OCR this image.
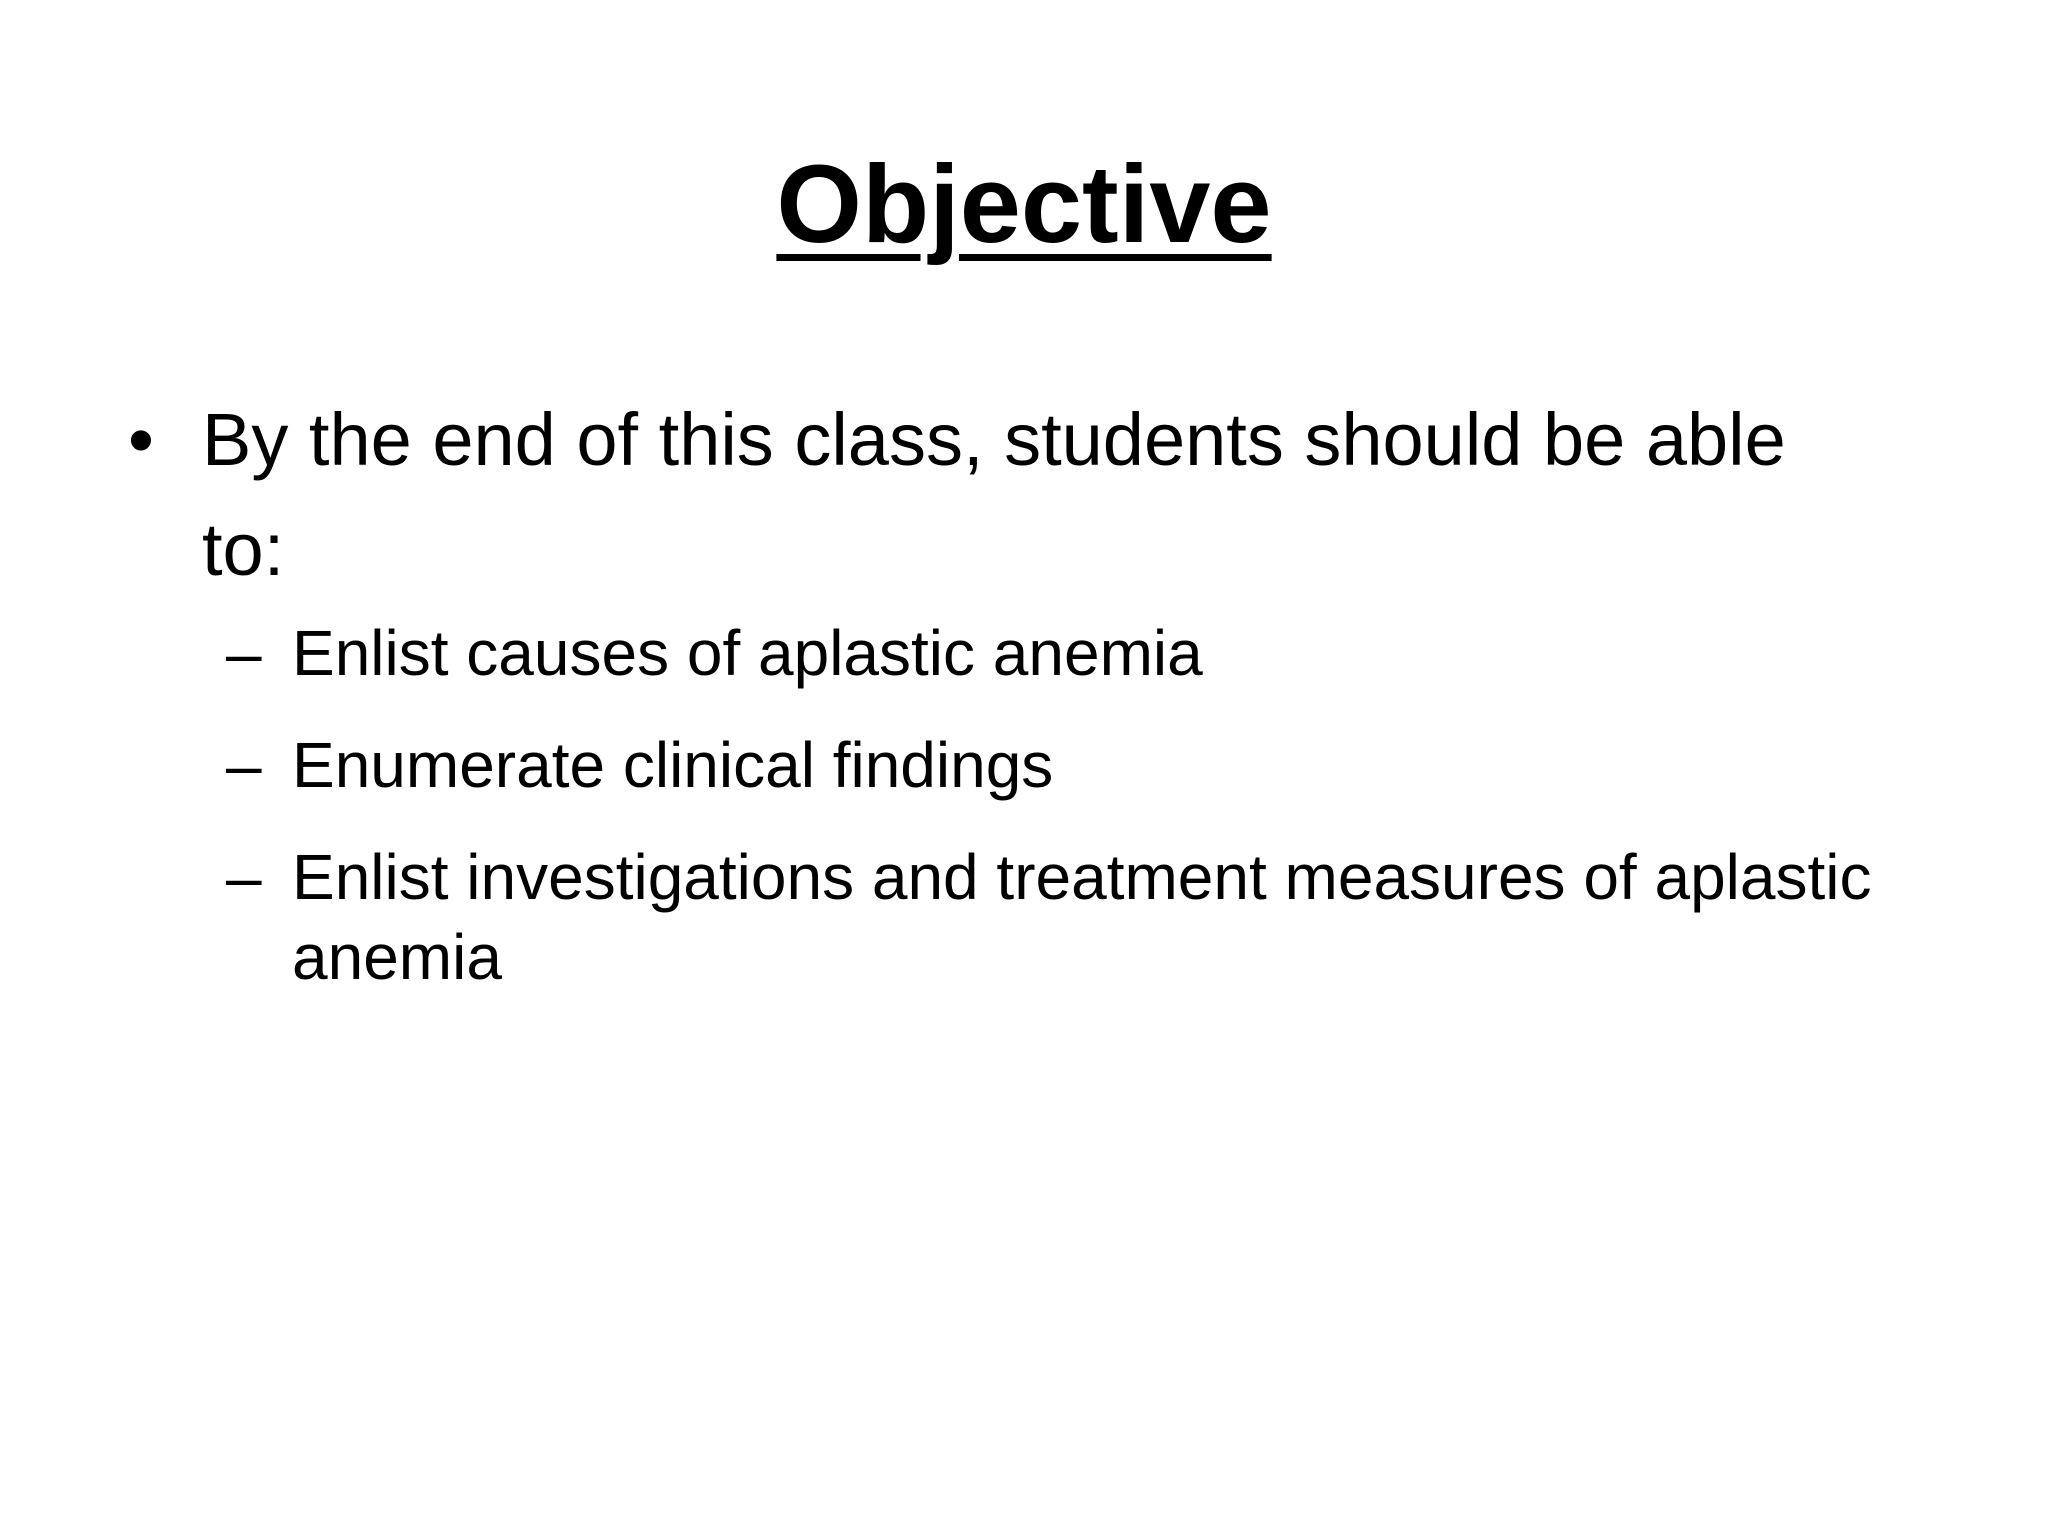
Objective
• By the end of this class, students should be able to:
– Enlist causes of aplastic anemia
– Enumerate clinical findings
– Enlist investigations and treatment measures of aplastic anemia
